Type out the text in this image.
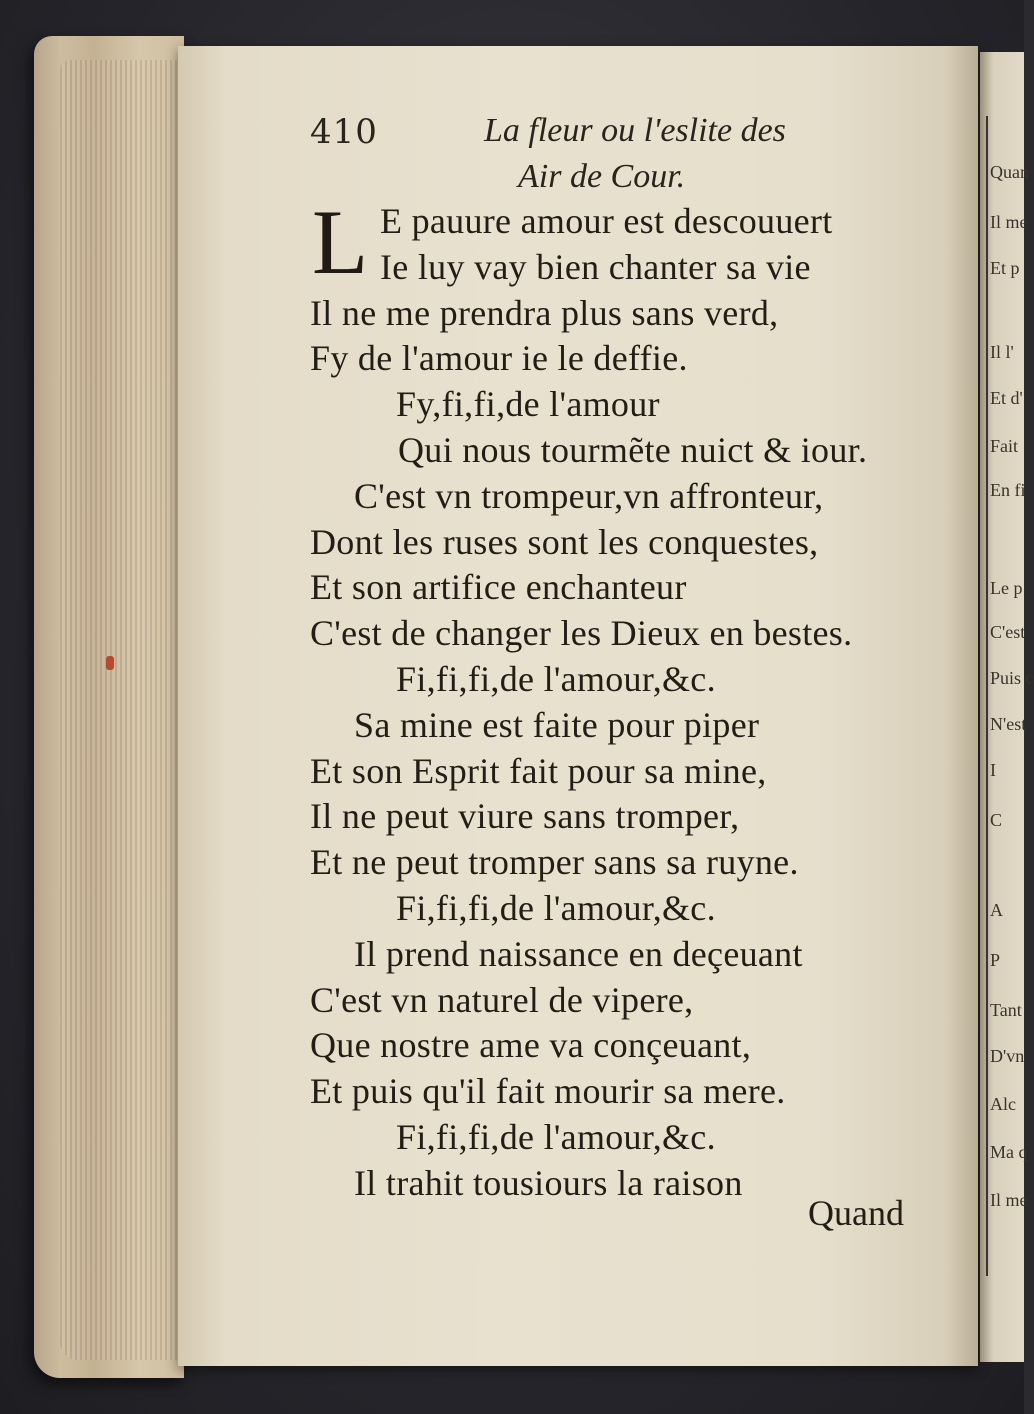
Quan
Il me
Et p
Il l'
Et d'
Fait
En fi
Le p
C'est
Puis c
N'est
I
C
A
P
Tant
D'vn
Alc
Ma q
Il me
410	La fleur ou l'eslite des
Air de Cour.
L E pauure amour est descouuert
Ie luy vay bien chanter sa vie
Il ne me prendra plus sans verd,
Fy de l'amour ie le deffie.
Fy,fi,fi,de l'amour
Qui nous tourmẽte nuict & iour.
C'est vn trompeur,vn affronteur,
Dont les ruses sont les conquestes,
Et son artifice enchanteur
C'est de changer les Dieux en bestes.
Fi,fi,fi,de l'amour,&c.
Sa mine est faite pour piper
Et son Esprit fait pour sa mine,
Il ne peut viure sans tromper,
Et ne peut tromper sans sa ruyne.
Fi,fi,fi,de l'amour,&c.
Il prend naissance en deçeuant
C'est vn naturel de vipere,
Que nostre ame va conçeuant,
Et puis qu'il fait mourir sa mere.
Fi,fi,fi,de l'amour,&c.
Il trahit tousiours la raison
Quand
